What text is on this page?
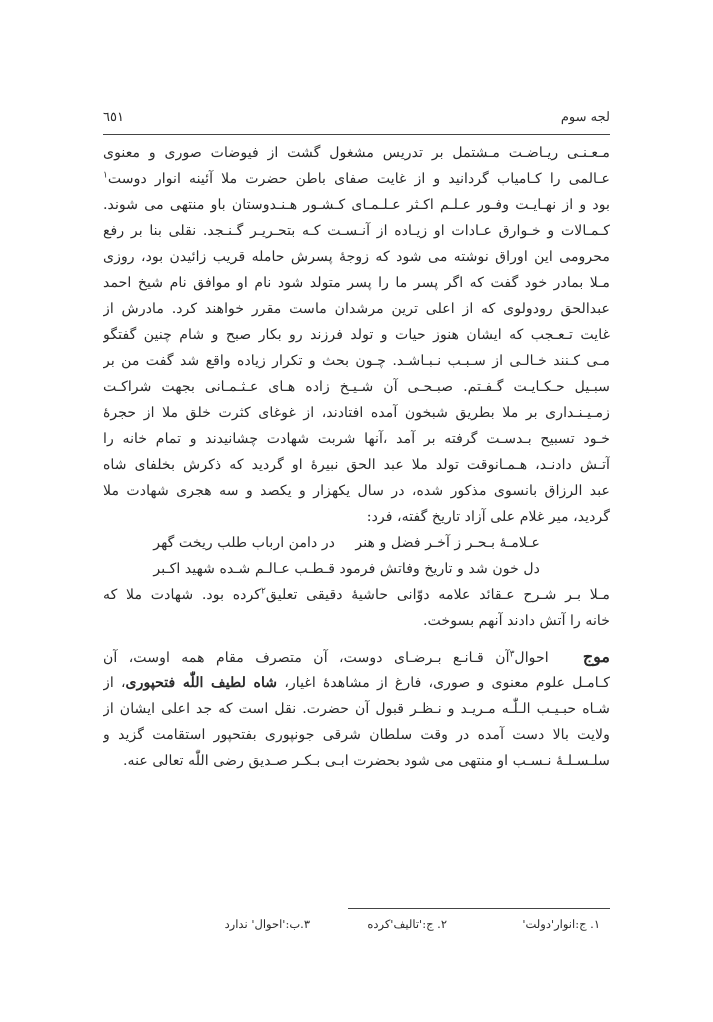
لجه سوم
٦٥١
مـعـنـی ریـاضـت مـشتمل بر تدریس مشغول گشت از فیوضات صوری و معنوی
عـالمی را کـامیاب گردانید و از غایت صفای باطن حضرت ملا آئینه انوار دوست$^١$
بود و از نهـایـت وفـور عـلـم اکـثر عـلـمـای کـشـور هـنـدوستان باو منتهی می شوند.
کـمـالات و خـوارق عـادات او زیـاده از آنـسـت کـه بتحـریـر گـنـجد. نقلی بنا بر رفع
محرومی این اوراق نوشته می شود که زوجۀ پسرش حامله قریب زائیدن بود، روزی
مـلا بمادر خود گفت که اگر پسر ما را پسر متولد شود نام او موافق نام شیخ احمد
عبدالحق رودولوی که از اعلی ترین مرشدان ماست مقرر خواهند کرد. مادرش از
غایت تـعـجب که ایشان هنوز حیات و تولد فرزند رو بکار صبح و شام چنین گفتگو
مـی کـنند خـالـی از سـبـب نـبـاشـد. چـون بحث و تکرار زیاده واقع شد گفت من بر
سبـیل حـکـایـت گـفـتم. صبـحـی آن شـیـخ زاده هـای عـثـمـانی بجهت شراکـت
زمـیـنـداری بر ملا بطریق شبخون آمده افتادند، از غوغای کثرت خلق ملا از حجرۀ
خـود تسبیح بـدسـت گرفته بر آمد ،آنها شربت شهادت چشانیدند و تمام خانه را
آتـش دادنـد، هـمـانوقت تولد ملا عبد الحق نبیرۀ او گردید که ذکرش بخلفای شاه
عبد الرزاق بانسوی مذکور شده، در سال یکهزار و یکصد و سه هجری شهادت ملا
گردید، میر غلام علی آزاد تاریخ گفته، فرد:
عـلامـۀ بـحـر ز آخـر فضل و هنر
در دامن ارباب طلب ریخت گهر
دل خون شد و تاریخ وفاتش فرمود
قـطـب عـالـم شـده شهید اکـبر
مـلا بـر شـرح عـقائد علامه دوّانی حاشیۀ دقیقی تعلیق$^٢$کرده بود. شهادت ملا که
خانه را آتش دادند آنهم بسوخت.
موج   احوال$^٣$آن قـانـع بـرضـای دوست، آن متصرف مقام همه اوست، آن
کـامـل علوم معنوی و صوری، فارغ از مشاهدۀ اغیار، شاه لطیف اللّٰه فتحپوری، از
شـاه حبـیـب الـلّٰـه مـریـد و نـظـر قبول آن حضرت. نقل است که جد اعلی ایشان از
ولایت بالا دست آمده در وقت سلطان شرقی جونپوری بفتحپور استقامت گزید و
سلـسـلـۀ نـسـب او منتهی می شود بحضرت ابـی بـکـر صـدیق رضی اللّٰه تعالی عنه.
١. ج:انوار'دولت'
٢. ج:'تالیف'کرده
٣.ب:'احوال' ندارد
